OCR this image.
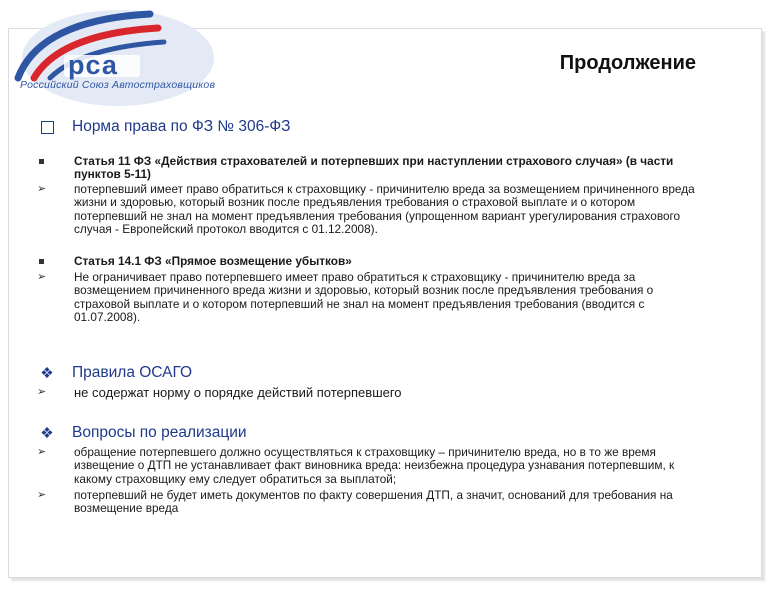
рса
Российский Союз Автостраховщиков
Продолжение
Норма права по ФЗ № 306-ФЗ
Статья 11 ФЗ «Действия страхователей и потерпевших при наступлении страхового случая» (в части пунктов 5-11)
➢	потерпевший имеет право обратиться к страховщику - причинителю вреда за возмещением причиненного вреда жизни и здоровью, который возник после предъявления требования о страховой выплате и о котором потерпевший не знал на момент предъявления требования (упрощенном вариант урегулирования страхового случая - Европейский протокол вводится с 01.12.2008).
Статья 14.1 ФЗ «Прямое возмещение убытков»
➢	Не ограничивает право потерпевшего имеет право обратиться к страховщику - причинителю вреда за возмещением причиненного вреда жизни и здоровью, который возник после предъявления требования о страховой выплате и о котором потерпевший не знал на момент предъявления требования (вводится с 01.07.2008).
❖ Правила ОСАГО
➢	не содержат норму о порядке действий потерпевшего
❖ Вопросы по реализации
➢	обращение потерпевшего должно осуществляться к страховщику – причинителю вреда, но в то же время извещение о ДТП не устанавливает факт виновника вреда: неизбежна процедура узнавания потерпевшим, к какому страховщику ему следует обратиться за выплатой;
➢	потерпевший не будет иметь документов по факту совершения ДТП, а значит, оснований для требования на возмещение вреда
